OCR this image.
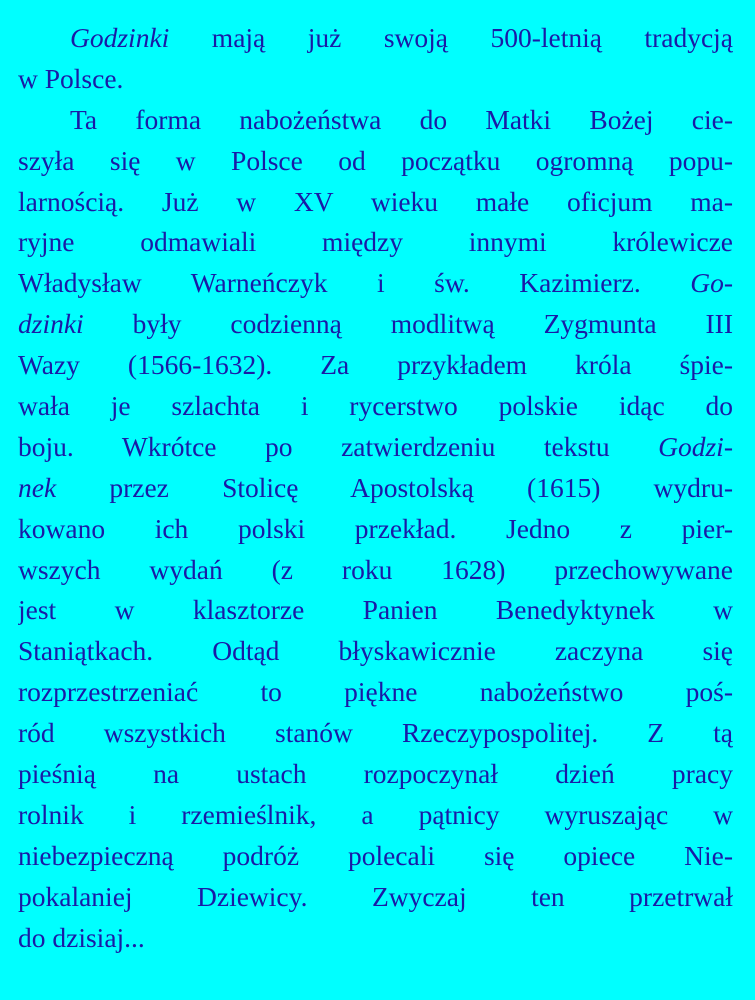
Godzinki mają już swoją 500-letnią tradycją
w Polsce.
Ta forma nabożeństwa do Matki Bożej cie-
szyła się w Polsce od początku ogromną popu-
larnością. Już w XV wieku małe oficjum ma-
ryjne odmawiali między innymi królewicze
Władysław Warneńczyk i św. Kazimierz. Go-
dzinki były codzienną modlitwą Zygmunta III
Wazy (1566-1632). Za przykładem króla śpie-
wała je szlachta i rycerstwo polskie idąc do
boju. Wkrótce po zatwierdzeniu tekstu Godzi-
nek przez Stolicę Apostolską (1615) wydru-
kowano ich polski przekład. Jedno z pier-
wszych wydań (z roku 1628) przechowywane
jest w klasztorze Panien Benedyktynek w
Staniątkach. Odtąd błyskawicznie zaczyna się
rozprzestrzeniać to piękne nabożeństwo poś-
ród wszystkich stanów Rzeczypospolitej. Z tą
pieśnią na ustach rozpoczynał dzień pracy
rolnik i rzemieślnik, a pątnicy wyruszając w
niebezpieczną podróż polecali się opiece Nie-
pokalaniej Dziewicy. Zwyczaj ten przetrwał
do dzisiaj...
